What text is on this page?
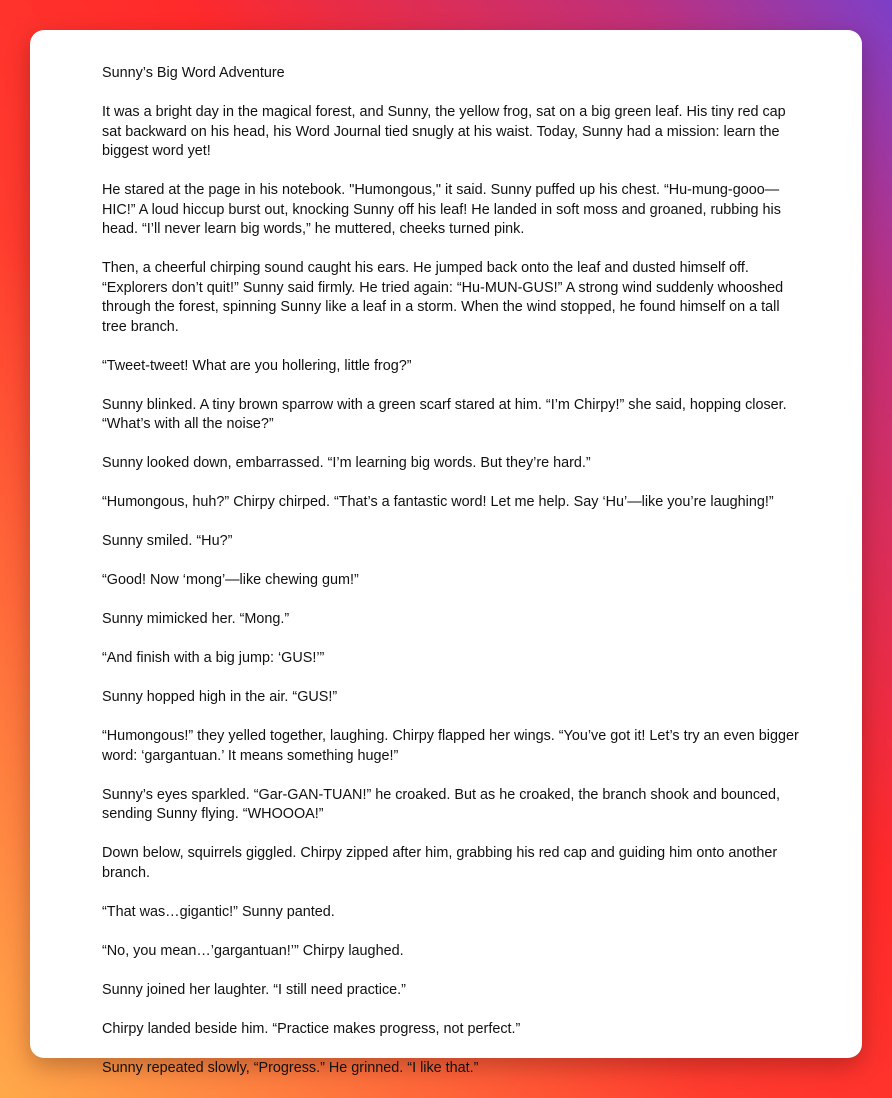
Sunny’s Big Word Adventure

It was a bright day in the magical forest, and Sunny, the yellow frog, sat on a big green leaf. His tiny red cap sat backward on his head, his Word Journal tied snugly at his waist. Today, Sunny had a mission: learn the biggest word yet!

He stared at the page in his notebook. "Humongous," it said. Sunny puffed up his chest. “Hu-mung-gooo—HIC!” A loud hiccup burst out, knocking Sunny off his leaf! He landed in soft moss and groaned, rubbing his head. “I’ll never learn big words,” he muttered, cheeks turned pink.

Then, a cheerful chirping sound caught his ears. He jumped back onto the leaf and dusted himself off. “Explorers don’t quit!” Sunny said firmly. He tried again: “Hu-MUN-GUS!” A strong wind suddenly whooshed through the forest, spinning Sunny like a leaf in a storm. When the wind stopped, he found himself on a tall tree branch.

“Tweet-tweet! What are you hollering, little frog?”

Sunny blinked. A tiny brown sparrow with a green scarf stared at him. “I’m Chirpy!” she said, hopping closer. “What’s with all the noise?”

Sunny looked down, embarrassed. “I’m learning big words. But they’re hard.”

“Humongous, huh?” Chirpy chirped. “That’s a fantastic word! Let me help. Say ‘Hu’—like you’re laughing!”

Sunny smiled. “Hu?”

“Good! Now ‘mong’—like chewing gum!”

Sunny mimicked her. “Mong.”

“And finish with a big jump: ‘GUS!’”

Sunny hopped high in the air. “GUS!”

“Humongous!” they yelled together, laughing. Chirpy flapped her wings. “You’ve got it! Let’s try an even bigger word: ‘gargantuan.’ It means something huge!”

Sunny’s eyes sparkled. “Gar-GAN-TUAN!” he croaked. But as he croaked, the branch shook and bounced, sending Sunny flying. “WHOOOA!”

Down below, squirrels giggled. Chirpy zipped after him, grabbing his red cap and guiding him onto another branch.

“That was…gigantic!” Sunny panted.

“No, you mean…’gargantuan!’” Chirpy laughed.

Sunny joined her laughter. “I still need practice.”

Chirpy landed beside him. “Practice makes progress, not perfect.”

Sunny repeated slowly, “Progress.” He grinned. “I like that.”
